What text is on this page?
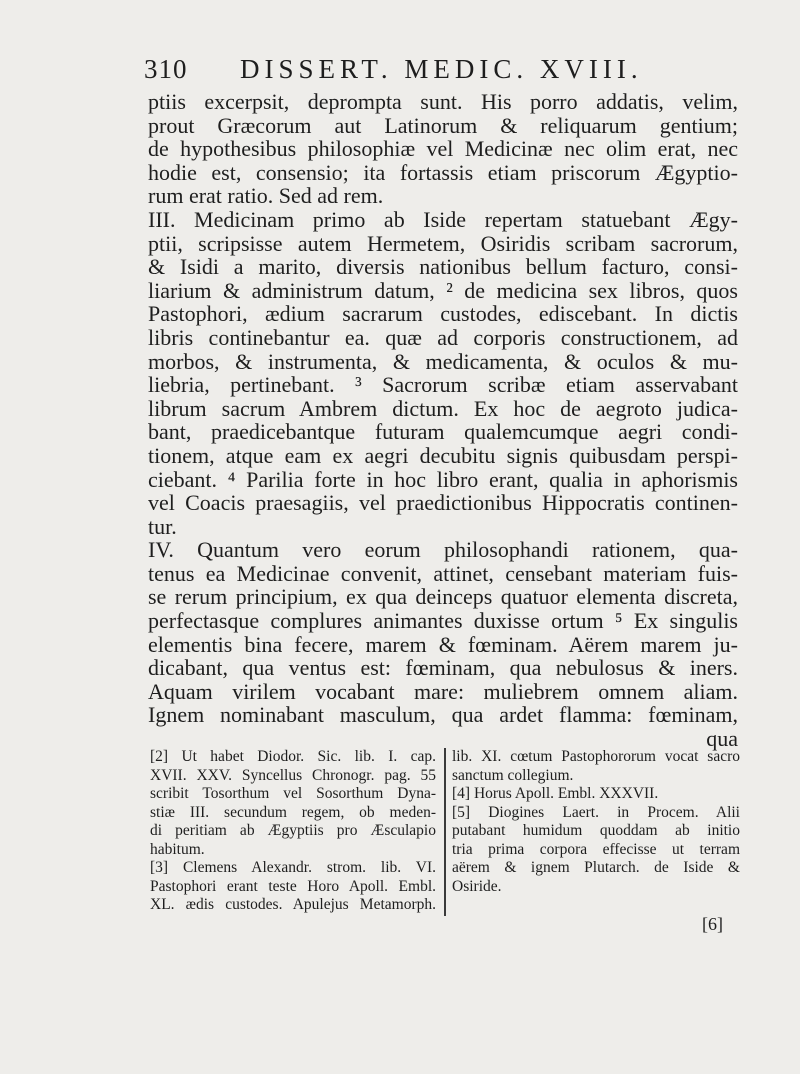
310 DISSERT. MEDIC. XVIII.
ptiis excerpsit, deprompta sunt. His porro addatis, velim,
prout Græcorum aut Latinorum & reliquarum gentium;
de hypothesibus philosophiæ vel Medicinæ nec olim erat, nec
hodie est, consensio; ita fortassis etiam priscorum Ægyptio-
rum erat ratio. Sed ad rem.
III. Medicinam primo ab Iside repertam statuebant Ægy-
ptii, scripsisse autem Hermetem, Osiridis scribam sacrorum,
& Isidi a marito, diversis nationibus bellum facturo, consi-
liarium & administrum datum, ² de medicina sex libros, quos
Pastophori, ædium sacrarum custodes, ediscebant. In dictis
libris continebantur ea. quæ ad corporis constructionem, ad
morbos, & instrumenta, & medicamenta, & oculos & mu-
liebria, pertinebant. ³ Sacrorum scribæ etiam asservabant
librum sacrum Ambrem dictum. Ex hoc de aegroto judica-
bant, praedicebantque futuram qualemcumque aegri condi-
tionem, atque eam ex aegri decubitu signis quibusdam perspi-
ciebant. ⁴ Parilia forte in hoc libro erant, qualia in aphorismis
vel Coacis praesagiis, vel praedictionibus Hippocratis continen-
tur.
IV. Quantum vero eorum philosophandi rationem, qua-
tenus ea Medicinae convenit, attinet, censebant materiam fuis-
se rerum principium, ex qua deinceps quatuor elementa discreta,
perfectasque complures animantes duxisse ortum ⁵ Ex singulis
elementis bina fecere, marem & fœminam. Aërem marem ju-
dicabant, qua ventus est: fœminam, qua nebulosus & iners.
Aquam virilem vocabant mare: muliebrem omnem aliam.
Ignem nominabant masculum, qua ardet flamma: fœminam,
qua
[2] Ut habet Diodor. Sic. lib. I. cap.
XVII. XXV. Syncellus Chronogr. pag. 55
scribit Tosorthum vel Sosorthum Dyna-
stiæ III. secundum regem, ob meden-
di peritiam ab Ægyptiis pro Æsculapio
habitum.
[3] Clemens Alexandr. strom. lib. VI.
Pastophori erant teste Horo Apoll. Embl.
XL. ædis custodes. Apulejus Metamorph.
lib. XI. cœtum Pastophororum vocat sacro
sanctum collegium.
[4] Horus Apoll. Embl. XXXVII.
[5] Diogines Laert. in Procem. Alii
putabant humidum quoddam ab initio
tria prima corpora effecisse ut terram
aërem & ignem Plutarch. de Iside &
Osiride.
[6]
